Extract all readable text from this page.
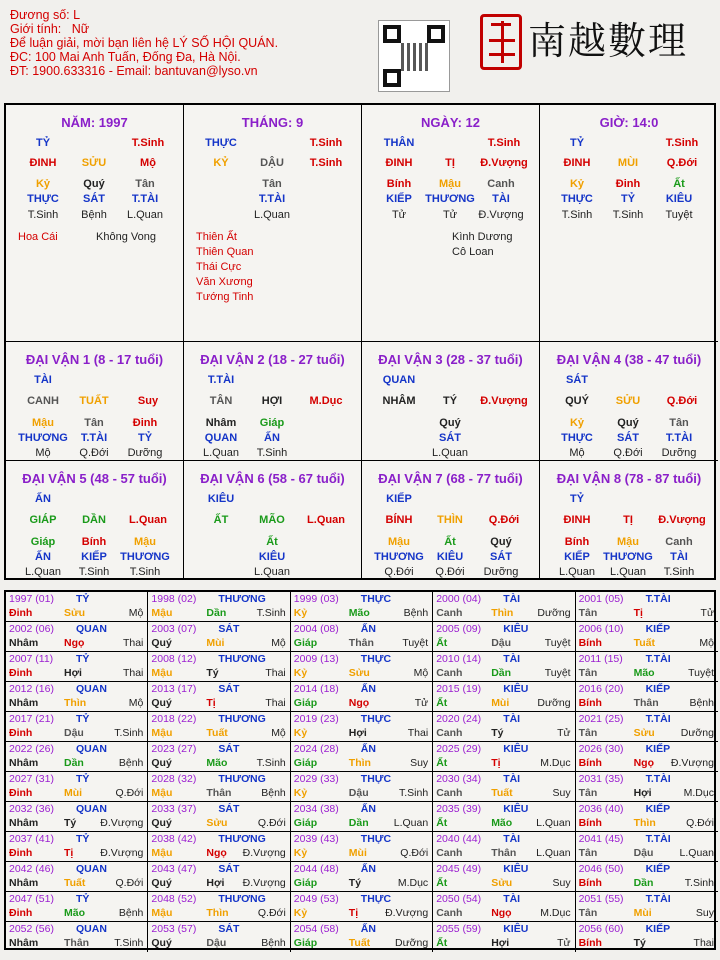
Đương số: L
Giới tính: Nữ
Để luận giải, mời bạn liên hệ LÝ SỐ HỘI QUÁN.
ĐC: 100 Mai Anh Tuấn, Đống Đa, Hà Nội.
ĐT: 1900.633316 - Email: bantuvan@lyso.vn
南越數理
NĂM: 1997
TỶ	T.Sinh
ĐINH	SỬU	Mộ
Kỷ	Quý	Tân
THỰC	SÁT	T.TÀI
T.Sinh	Bệnh	L.Quan
Hoa Cái	Không Vong
THÁNG: 9
THỰC	T.Sinh
KỶ	DẬU	T.Sinh
Tân
T.TÀI
L.Quan
Thiên Ất
Thiên Quan
Thái Cực
Văn Xương
Tướng Tinh
NGÀY: 12
THÂN	T.Sinh
ĐINH	TỊ	Đ.Vượng
Bính	Mậu	Canh
KIẾP	THƯƠNG	TÀI
Tử	Tử	Đ.Vượng
Kình Dương
Cô Loan
GIỜ: 14:0
TỶ	T.Sinh
ĐINH	MÙI	Q.Đới
Kỷ	Đinh	Ất
THỰC	TỶ	KIÊU
T.Sinh	T.Sinh	Tuyệt
ĐẠI VẬN 1 (8 - 17 tuổi)
TÀI
CANH	TUẤT	Suy
Mậu	Tân	Đinh
THƯƠNG	T.TÀI	TỶ
Mộ	Q.Đới	Dưỡng
ĐẠI VẬN 2 (18 - 27 tuổi)
T.TÀI
TÂN	HỢI	M.Dục
Nhâm	Giáp
QUAN	ẤN
L.Quan	T.Sinh
ĐẠI VẬN 3 (28 - 37 tuổi)
QUAN
NHÂM	TÝ	Đ.Vượng
Quý
SÁT
L.Quan
ĐẠI VẬN 4 (38 - 47 tuổi)
SÁT
QUÝ	SỬU	Q.Đới
Kỷ	Quý	Tân
THỰC	SÁT	T.TÀI
Mộ	Q.Đới	Dưỡng
ĐẠI VẬN 5 (48 - 57 tuổi)
ẤN
GIÁP	DẦN	L.Quan
Giáp	Bính	Mậu
ẤN	KIẾP	THƯƠNG
L.Quan	T.Sinh	T.Sinh
ĐẠI VẬN 6 (58 - 67 tuổi)
KIÊU
ẤT	MÃO	L.Quan
Ất
KIÊU
L.Quan
ĐẠI VẬN 7 (68 - 77 tuổi)
KIẾP
BÍNH	THÌN	Q.Đới
Mậu	Ất	Quý
THƯƠNG	KIÊU	SÁT
Q.Đới	Q.Đới	Dưỡng
ĐẠI VẬN 8 (78 - 87 tuổi)
TỶ
ĐINH	TỊ	Đ.Vượng
Bính	Mậu	Canh
KIẾP	THƯƠNG	TÀI
L.Quan	L.Quan	T.Sinh
1997 (01) TỶ
Đinh	Sửu	Mộ
1998 (02) THƯƠNG
Mậu	Dần	T.Sinh
1999 (03) THỰC
Kỷ	Mão	Bệnh
2000 (04) TÀI
Canh	Thìn Dưỡng
2001 (05) T.TÀI
Tân	Tị	Tử
2002 (06) QUAN
Nhâm Ngọ	Thai
2003 (07) SÁT
Quý	Mùi	Mộ
2004 (08) ẤN
Giáp	Thân	Tuyệt
2005 (09) KIÊU
Ất	Dậu	Tuyệt
2006 (10) KIẾP
Bính	Tuất	Mộ
2007 (11) TỶ
Đinh	Hợi	Thai
2008 (12) THƯƠNG
Mậu	Tý	Thai
2009 (13) THỰC
Kỷ	Sửu	Mộ
2010 (14) TÀI
Canh	Dần	Tuyệt
2011 (15) T.TÀI
Tân	Mão	Tuyệt
2012 (16) QUAN
Nhâm Thìn	Mộ
2013 (17) SÁT
Quý	Tị	Thai
2014 (18) ẤN
Giáp	Ngọ	Tử
2015 (19) KIÊU
Ất	Mùi	Dưỡng
2016 (20) KIẾP
Bính	Thân	Bệnh
2017 (21) TỶ
Đinh	Dậu	T.Sinh
2018 (22) THƯƠNG
Mậu	Tuất	Mộ
2019 (23) THỰC
Kỷ	Hợi	Thai
2020 (24) TÀI
Canh	Tý	Tử
2021 (25) T.TÀI
Tân	Sửu Dưỡng
2022 (26) QUAN
Nhâm Dần	Bệnh
2023 (27) SÁT
Quý	Mão	T.Sinh
2024 (28) ẤN
Giáp	Thìn	Suy
2025 (29) KIÊU
Ất	Tị	M.Dục
2026 (30) KIẾP
Bính	Ngọ Đ.Vượng
2027 (31) TỶ
Đinh	Mùi	Q.Đới
2028 (32) THƯƠNG
Mậu	Thân	Bệnh
2029 (33) THỰC
Kỷ	Dậu	T.Sinh
2030 (34) TÀI
Canh	Tuất	Suy
2031 (35) T.TÀI
Tân	Hợi	M.Dục
2032 (36) QUAN
Nhâm Tý Đ.Vượng
2033 (37) SÁT
Quý	Sửu	Q.Đới
2034 (38) ẤN
Giáp	Dần L.Quan
2035 (39) KIÊU
Ất	Mão L.Quan
2036 (40) KIẾP
Bính	Thìn	Q.Đới
2037 (41) TỶ
Đinh	Tị	Đ.Vượng
2038 (42) THƯƠNG
Mậu	Ngọ Đ.Vượng
2039 (43) THỰC
Kỷ	Mùi	Q.Đới
2040 (44) TÀI
Canh	Thân L.Quan
2041 (45) T.TÀI
Tân	Dậu L.Quan
2042 (46) QUAN
Nhâm Tuất	Q.Đới
2043 (47) SÁT
Quý	Hợi Đ.Vượng
2044 (48) ẤN
Giáp	Tý	M.Dục
2045 (49) KIÊU
Ất	Sửu	Suy
2046 (50) KIẾP
Bính	Dần	T.Sinh
2047 (51) TỶ
Đinh	Mão	Bệnh
2048 (52) THƯƠNG
Mậu	Thìn	Q.Đới
2049 (53) THỰC
Kỷ	Tị	Đ.Vượng
2050 (54) TÀI
Canh	Ngọ	M.Dục
2051 (55) T.TÀI
Tân	Mùi	Suy
2052 (56) QUAN
Nhâm Thân T.Sinh
2053 (57) SÁT
Quý	Dậu	Bệnh
2054 (58) ẤN
Giáp	Tuất Dưỡng
2055 (59) KIÊU
Ất	Hợi	Tử
2056 (60) KIẾP
Bính	Tý	Thai
